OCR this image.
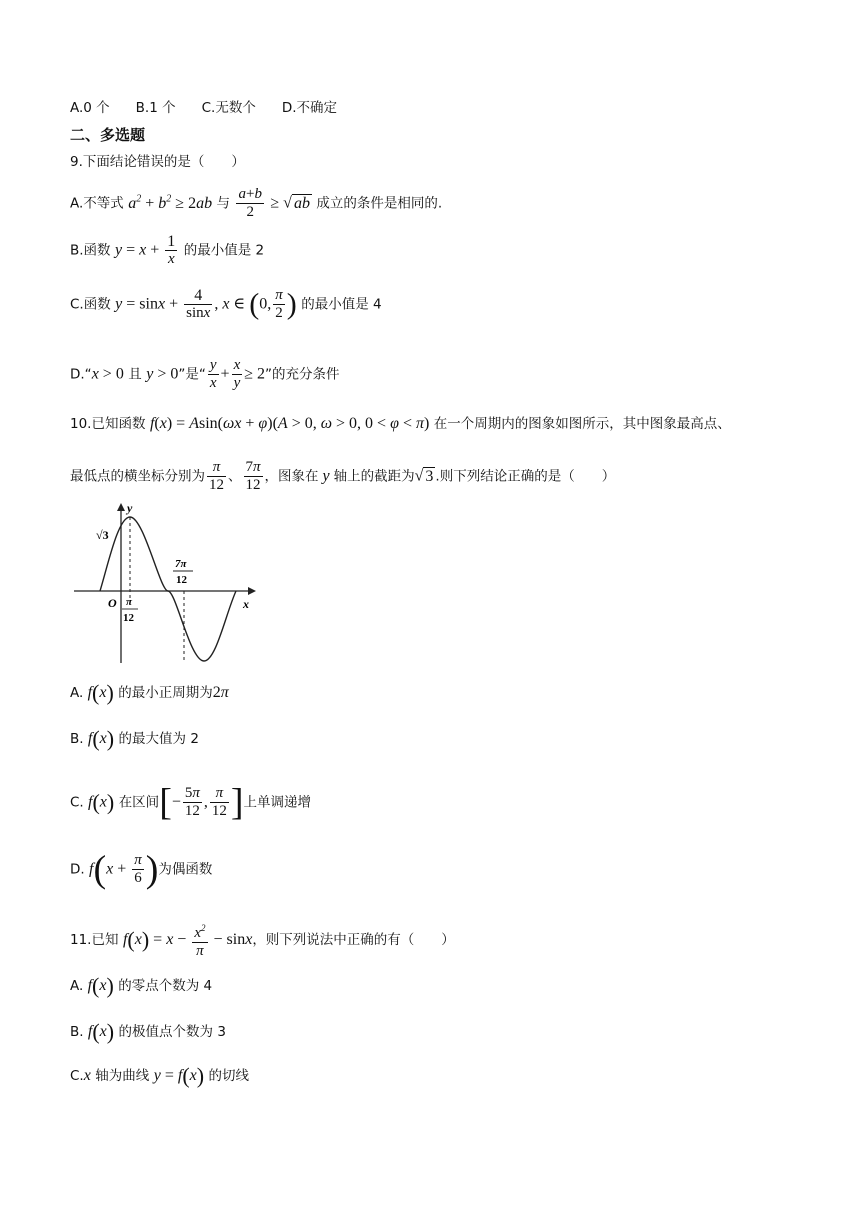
A.0 个 B.1 个 C.无数个 D.不确定
二、多选题
9.下面结论错误的是（　　）
A.不等式 $a^2 + b^2 \ge 2ab$ 与 $\frac{a+b}{2}$ ≥ √ ab 成立的条件是相同的.
B.函数 $y = x + \frac{1}{x}$ 的最小值是 2
C.函数 $y = \sin x + \frac{4}{\sin x}$ , x ∈ (0, $\frac{\pi}{2}$ ) 的最小值是 4
D.“x > 0 且 y > 0”是“ $\frac{y}{x} + \frac{x}{y} \ge 2$”的充分条件
10.已知函数 f(x) = Asin(ωx + φ)(A > 0, ω > 0, 0 < φ < π) 在一个周期内的图象如图所示，其中图象最高点、
最低点的横坐标分别为 $\frac{\pi}{12}$ 、 $\frac{7\pi}{12}$ ，图象在 y 轴上的截距为√ 3 .则下列结论正确的是（　　）
y
x
O
√3
π
12
7π
12
A. f(x) 的最小正周期为2π
B. f(x) 的最大值为 2
C. f(x) 在区间[− $\frac{5\pi}{12}$ , $\frac{\pi}{12}$ ]上单调递增
D. $f(x + \frac{\pi}{6}$ )为偶函数
11.已知 $f(x) = x - \frac{x^2}{\pi} - \sin x$，则下列说法中正确的有（　　）
A. f(x) 的零点个数为 4
B. f(x) 的极值点个数为 3
C.x 轴为曲线 y = f(x) 的切线
